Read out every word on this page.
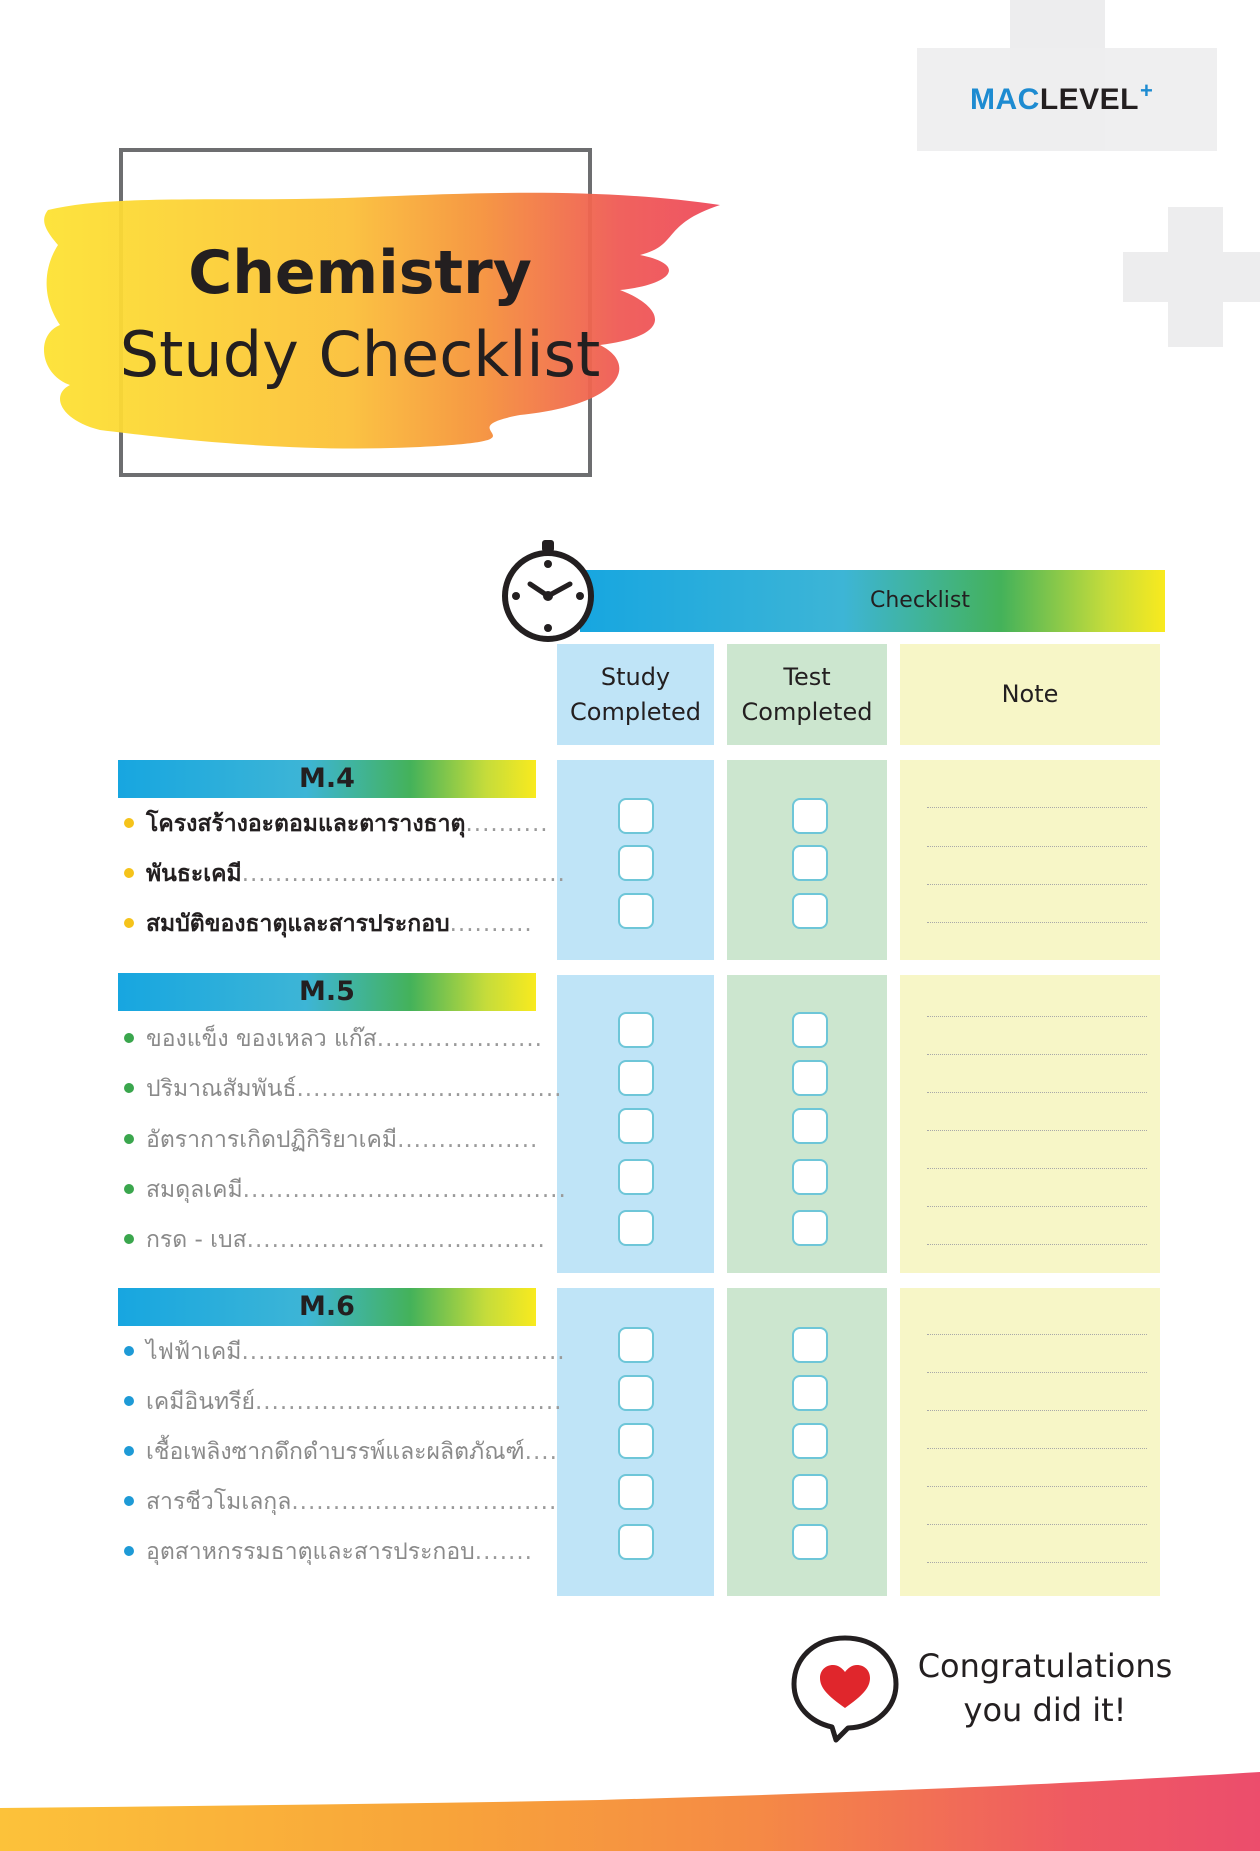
MACLEVEL+
Chemistry
Study Checklist
Checklist
Study
Completed
Test
Completed
Note
M.4
M.5
M.6
โครงสร้างอะตอมและตารางธาตุ..........
พันธะเคมี.......................................
สมบัติของธาตุและสารประกอบ..........
ของแข็ง ของเหลว แก๊ส....................
ปริมาณสัมพันธ์................................
อัตราการเกิดปฏิกิริยาเคมี.................
สมดุลเคมี.......................................
กรด - เบส....................................
ไฟฟ้าเคมี.......................................
เคมีอินทรีย์.....................................
เชื้อเพลิงซากดึกดำบรรพ์และผลิตภัณฑ์....
สารชีวโมเลกุล................................
อุตสาหกรรมธาตุและสารประกอบ.......
Congratulations
you did it!
